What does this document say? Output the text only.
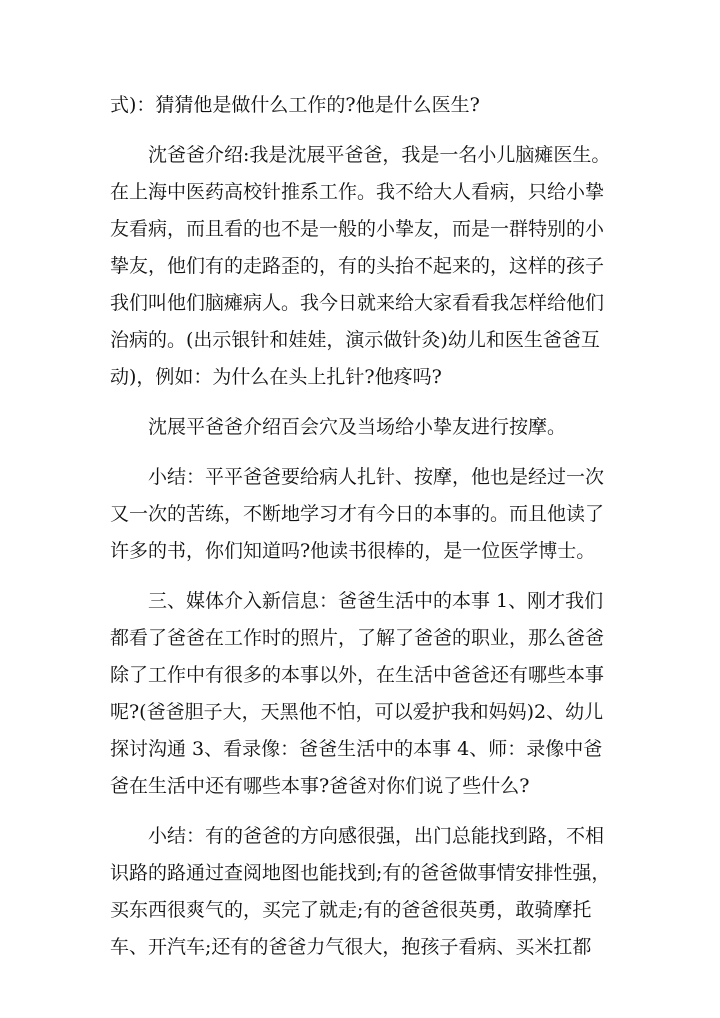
式)：猜猜他是做什么工作的?他是什么医生?
沈爸爸介绍:我是沈展平爸爸，我是一名小儿脑瘫医生。
在上海中医药高校针推系工作。我不给大人看病，只给小挚
友看病，而且看的也不是一般的小挚友，而是一群特别的小
挚友，他们有的走路歪的，有的头抬不起来的，这样的孩子
我们叫他们脑瘫病人。我今日就来给大家看看我怎样给他们
治病的。(出示银针和娃娃，演示做针灸)幼儿和医生爸爸互
动)，例如：为什么在头上扎针?他疼吗?
沈展平爸爸介绍百会穴及当场给小挚友进行按摩。
小结：平平爸爸要给病人扎针、按摩，他也是经过一次
又一次的苦练，不断地学习才有今日的本事的。而且他读了
许多的书，你们知道吗?他读书很棒的，是一位医学博士。
三、媒体介入新信息：爸爸生活中的本事 1、刚才我们
都看了爸爸在工作时的照片，了解了爸爸的职业，那么爸爸
除了工作中有很多的本事以外，在生活中爸爸还有哪些本事
呢?(爸爸胆子大，天黑他不怕，可以爱护我和妈妈)2、幼儿
探讨沟通 3、看录像：爸爸生活中的本事 4、师：录像中爸
爸在生活中还有哪些本事?爸爸对你们说了些什么?
小结：有的爸爸的方向感很强，出门总能找到路，不相
识路的路通过查阅地图也能找到;有的爸爸做事情安排性强，
买东西很爽气的，买完了就走;有的爸爸很英勇，敢骑摩托
车、开汽车;还有的爸爸力气很大，抱孩子看病、买米扛都
